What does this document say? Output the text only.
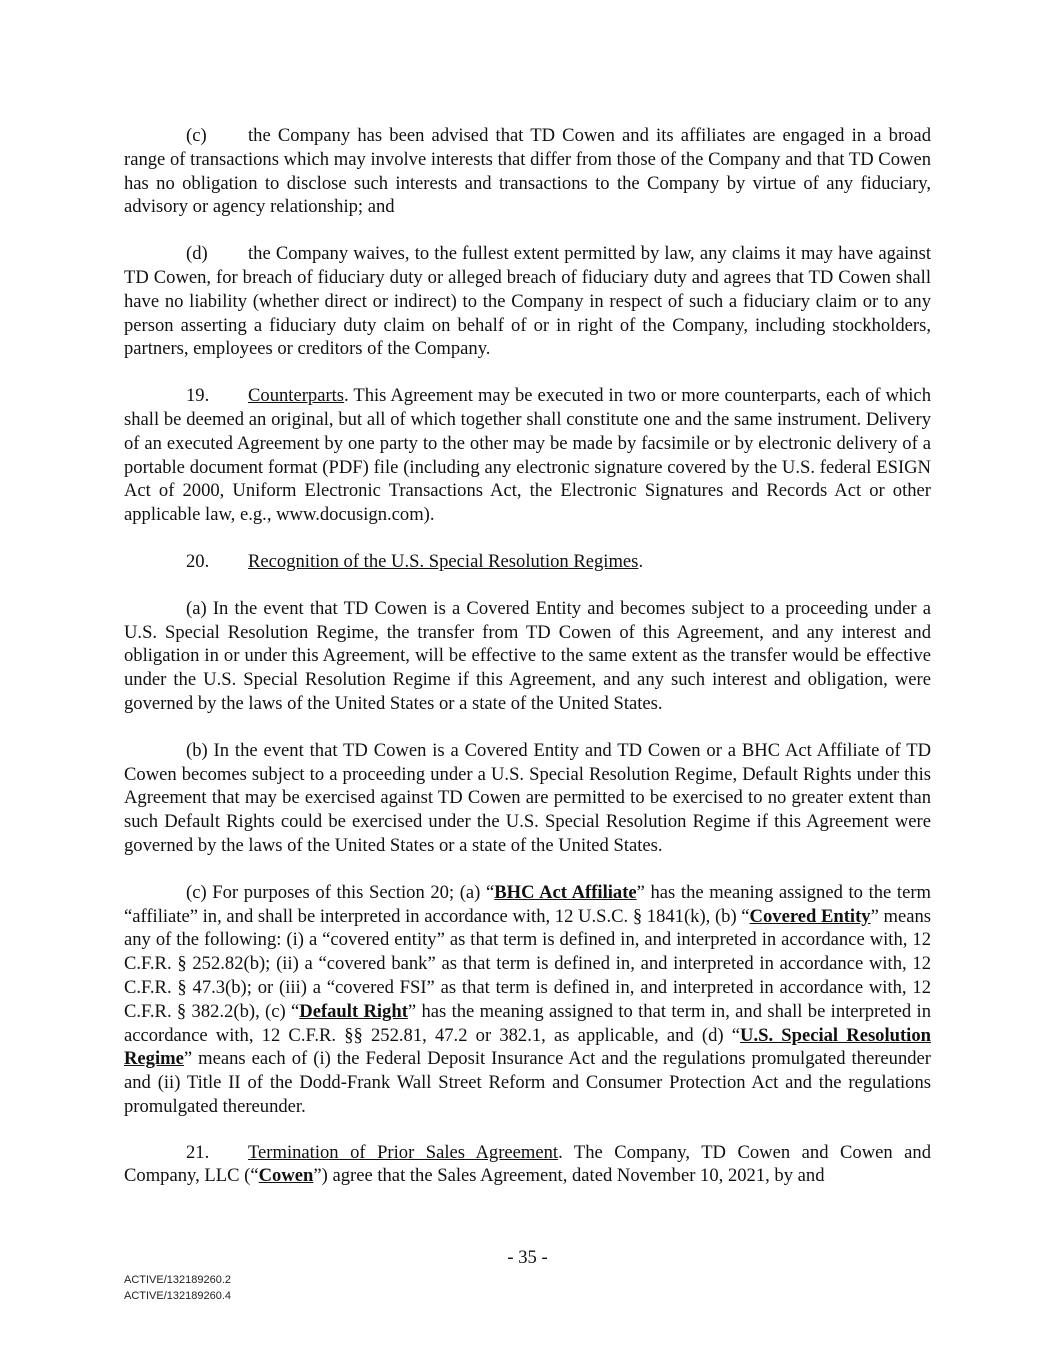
(c) the Company has been advised that TD Cowen and its affiliates are engaged in a broad range of transactions which may involve interests that differ from those of the Company and that TD Cowen has no obligation to disclose such interests and transactions to the Company by virtue of any fiduciary, advisory or agency relationship; and

(d) the Company waives, to the fullest extent permitted by law, any claims it may have against TD Cowen, for breach of fiduciary duty or alleged breach of fiduciary duty and agrees that TD Cowen shall have no liability (whether direct or indirect) to the Company in respect of such a fiduciary claim or to any person asserting a fiduciary duty claim on behalf of or in right of the Company, including stockholders, partners, employees or creditors of the Company.

19. Counterparts. This Agreement may be executed in two or more counterparts, each of which shall be deemed an original, but all of which together shall constitute one and the same instrument. Delivery of an executed Agreement by one party to the other may be made by facsimile or by electronic delivery of a portable document format (PDF) file (including any electronic signature covered by the U.S. federal ESIGN Act of 2000, Uniform Electronic Transactions Act, the Electronic Signatures and Records Act or other applicable law, e.g., www.docusign.com).

20. Recognition of the U.S. Special Resolution Regimes.

(a) In the event that TD Cowen is a Covered Entity and becomes subject to a proceeding under a U.S. Special Resolution Regime, the transfer from TD Cowen of this Agreement, and any interest and obligation in or under this Agreement, will be effective to the same extent as the transfer would be effective under the U.S. Special Resolution Regime if this Agreement, and any such interest and obligation, were governed by the laws of the United States or a state of the United States.

(b) In the event that TD Cowen is a Covered Entity and TD Cowen or a BHC Act Affiliate of TD Cowen becomes subject to a proceeding under a U.S. Special Resolution Regime, Default Rights under this Agreement that may be exercised against TD Cowen are permitted to be exercised to no greater extent than such Default Rights could be exercised under the U.S. Special Resolution Regime if this Agreement were governed by the laws of the United States or a state of the United States.

(c) For purposes of this Section 20; (a) “BHC Act Affiliate” has the meaning assigned to the term “affiliate” in, and shall be interpreted in accordance with, 12 U.S.C. § 1841(k), (b) “Covered Entity” means any of the following: (i) a “covered entity” as that term is defined in, and interpreted in accordance with, 12 C.F.R. § 252.82(b); (ii) a “covered bank” as that term is defined in, and interpreted in accordance with, 12 C.F.R. § 47.3(b); or (iii) a “covered FSI” as that term is defined in, and interpreted in accordance with, 12 C.F.R. § 382.2(b), (c) “Default Right” has the meaning assigned to that term in, and shall be interpreted in accordance with, 12 C.F.R. §§ 252.81, 47.2 or 382.1, as applicable, and (d) “U.S. Special Resolution Regime” means each of (i) the Federal Deposit Insurance Act and the regulations promulgated thereunder and (ii) Title II of the Dodd-Frank Wall Street Reform and Consumer Protection Act and the regulations promulgated thereunder.

21. Termination of Prior Sales Agreement. The Company, TD Cowen and Cowen and Company, LLC (“Cowen”) agree that the Sales Agreement, dated November 10, 2021, by and

- 35 -
ACTIVE/132189260.2
ACTIVE/132189260.4
